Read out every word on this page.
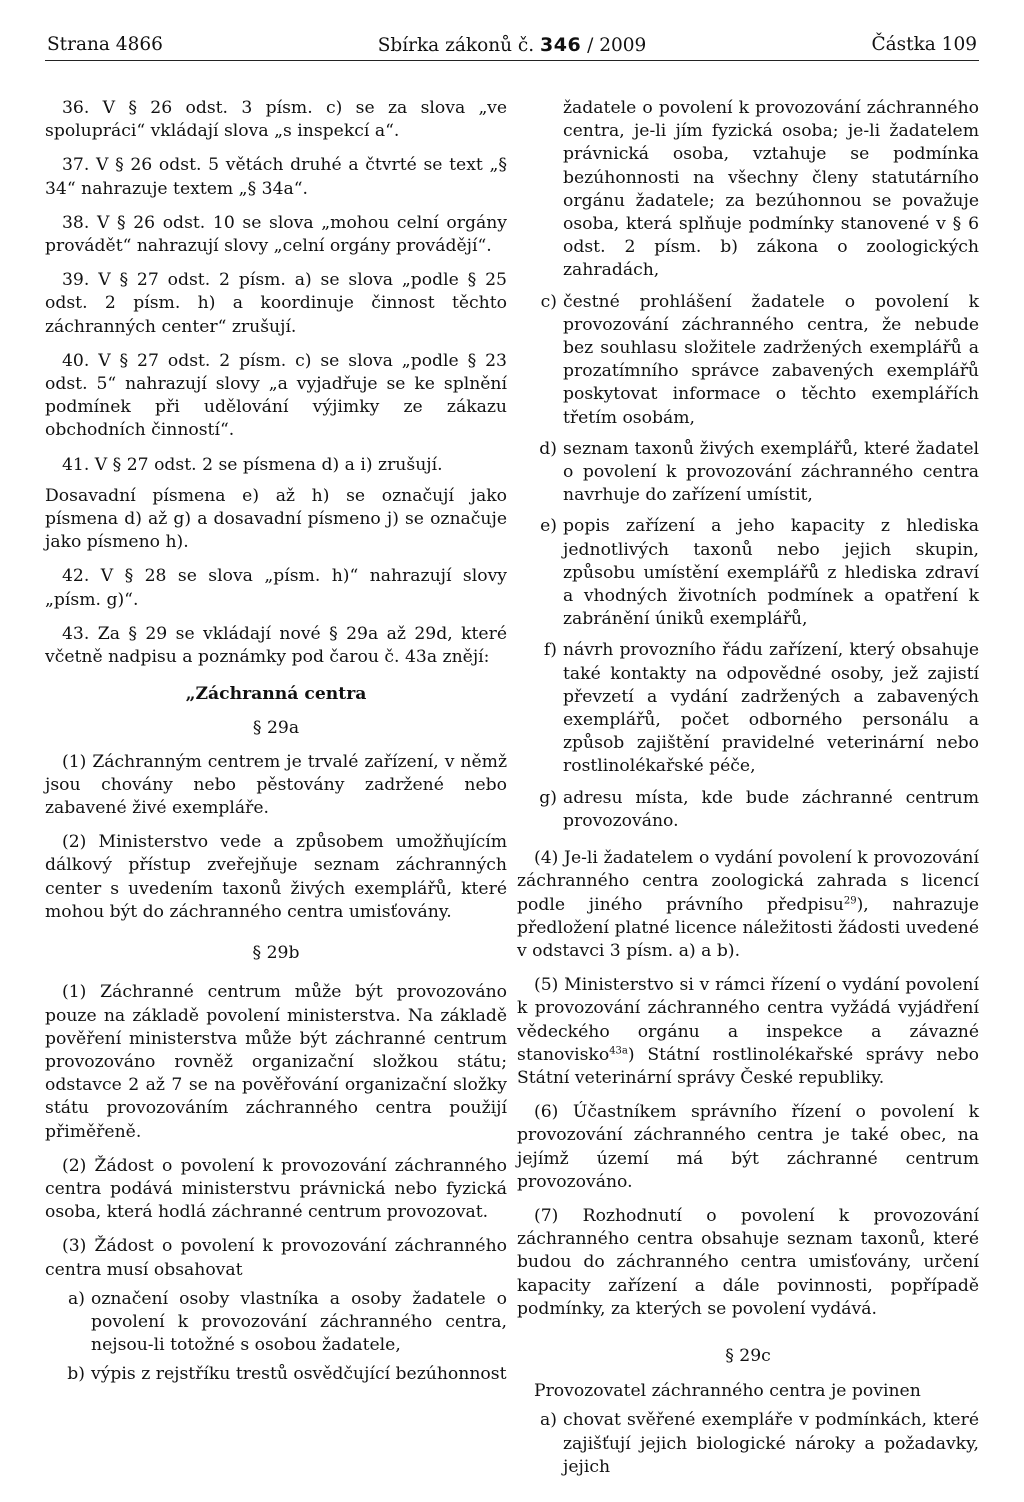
Strana 4866	Sbírka zákonů č. 346 / 2009	Částka 109

36. V § 26 odst. 3 písm. c) se za slova „ve spolupráci“ vkládají slova „s inspekcí a“.

37. V § 26 odst. 5 větách druhé a čtvrté se text „§ 34“ nahrazuje textem „§ 34a“.

38. V § 26 odst. 10 se slova „mohou celní orgány provádět“ nahrazují slovy „celní orgány provádějí“.

39. V § 27 odst. 2 písm. a) se slova „podle § 25 odst. 2 písm. h) a koordinuje činnost těchto záchranných center“ zrušují.

40. V § 27 odst. 2 písm. c) se slova „podle § 23 odst. 5“ nahrazují slovy „a vyjadřuje se ke splnění podmínek při udělování výjimky ze zákazu obchodních činností“.

41. V § 27 odst. 2 se písmena d) a i) zrušují.

Dosavadní písmena e) až h) se označují jako písmena d) až g) a dosavadní písmeno j) se označuje jako písmeno h).

42. V § 28 se slova „písm. h)“ nahrazují slovy „písm. g)“.

43. Za § 29 se vkládají nové § 29a až 29d, které včetně nadpisu a poznámky pod čarou č. 43a znějí:

„Záchranná centra
§ 29a

(1) Záchranným centrem je trvalé zařízení, v němž jsou chovány nebo pěstovány zadržené nebo zabavené živé exempláře.

(2) Ministerstvo vede a způsobem umožňujícím dálkový přístup zveřejňuje seznam záchranných center s uvedením taxonů živých exemplářů, které mohou být do záchranného centra umisťovány.

§ 29b

(1) Záchranné centrum může být provozováno pouze na základě povolení ministerstva. Na základě pověření ministerstva může být záchranné centrum provozováno rovněž organizační složkou státu; odstavce 2 až 7 se na pověřování organizační složky státu provozováním záchranného centra použijí přiměřeně.

(2) Žádost o povolení k provozování záchranného centra podává ministerstvu právnická nebo fyzická osoba, která hodlá záchranné centrum provozovat.

(3) Žádost o povolení k provozování záchranného centra musí obsahovat

a) označení osoby vlastníka a osoby žadatele o povolení k provozování záchranného centra, nejsou-li totožné s osobou žadatele,
b) výpis z rejstříku trestů osvědčující bezúhonnost
žadatele o povolení k provozování záchranného centra, je-li jím fyzická osoba; je-li žadatelem právnická osoba, vztahuje se podmínka bezúhonnosti na všechny členy statutárního orgánu žadatele; za bezúhonnou se považuje osoba, která splňuje podmínky stanovené v § 6 odst. 2 písm. b) zákona o zoologických zahradách,
c) čestné prohlášení žadatele o povolení k provozování záchranného centra, že nebude bez souhlasu složitele zadržených exemplářů a prozatímního správce zabavených exemplářů poskytovat informace o těchto exemplářích třetím osobám,
d) seznam taxonů živých exemplářů, které žadatel o povolení k provozování záchranného centra navrhuje do zařízení umístit,
e) popis zařízení a jeho kapacity z hlediska jednotlivých taxonů nebo jejich skupin, způsobu umístění exemplářů z hlediska zdraví a vhodných životních podmínek a opatření k zabránění úniků exemplářů,
f) návrh provozního řádu zařízení, který obsahuje také kontakty na odpovědné osoby, jež zajistí převzetí a vydání zadržených a zabavených exemplářů, počet odborného personálu a způsob zajištění pravidelné veterinární nebo rostlinolékařské péče,
g) adresu místa, kde bude záchranné centrum provozováno.

(4) Je-li žadatelem o vydání povolení k provozování záchranného centra zoologická zahrada s licencí podle jiného právního předpisu$^{29}$), nahrazuje předložení platné licence náležitosti žádosti uvedené v odstavci 3 písm. a) a b).

(5) Ministerstvo si v rámci řízení o vydání povolení k provozování záchranného centra vyžádá vyjádření vědeckého orgánu a inspekce a závazné stanovisko$^{43a}$) Státní rostlinolékařské správy nebo Státní veterinární správy České republiky.

(6) Účastníkem správního řízení o povolení k provozování záchranného centra je také obec, na jejímž území má být záchranné centrum provozováno.

(7) Rozhodnutí o povolení k provozování záchranného centra obsahuje seznam taxonů, které budou do záchranného centra umisťovány, určení kapacity zařízení a dále povinnosti, popřípadě podmínky, za kterých se povolení vydává.

§ 29c

Provozovatel záchranného centra je povinen

a) chovat svěřené exempláře v podmínkách, které zajišťují jejich biologické nároky a požadavky, jejich
